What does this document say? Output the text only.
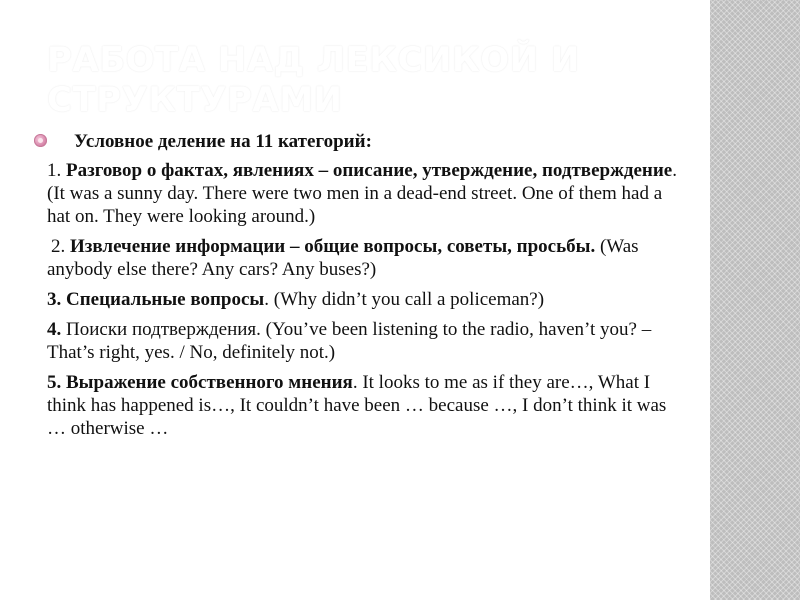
РАБОТА НАД ЛЕКСИКОЙ И СТРУКТУРАМИ
Условное деление на 11 категорий:
1. Разговор о фактах, явлениях – описание, утверждение, подтверждение. (It was a sunny day. There were two men in a dead-end street. One of them had a hat on. They were looking around.)
2. Извлечение информации – общие вопросы, советы, просьбы. (Was anybody else there? Any cars? Any buses?)
3. Специальные вопросы. (Why didn’t you call a policeman?)
4. Поиски подтверждения. (You’ve been listening to the radio, haven’t you? – That’s right, yes. / No, definitely not.)
5. Выражение собственного мнения. It looks to me as if they are…, What I think has happened is…, It couldn’t have been … because …, I don’t think it was … otherwise …
